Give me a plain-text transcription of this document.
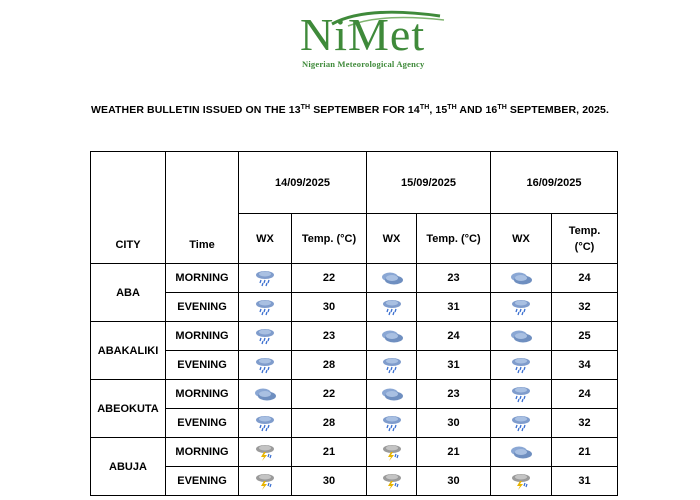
NiMet
Nigerian Meteorological Agency
WEATHER BULLETIN ISSUED ON THE 13TH SEPTEMBER FOR 14TH, 15TH AND 16TH SEPTEMBER, 2025.
CITY	Time	14/09/2025		15/09/2025		16/09/2025	
		WX	Temp. (°C)	WX	Temp. (°C)	WX	Temp. (°C)
ABA	MORNING		22		23		24
	EVENING		30		31		32
ABAKALIKI	MORNING		23		24		25
	EVENING		28		31		34
ABEOKUTA	MORNING		22		23		24
	EVENING		28		30		32
ABUJA	MORNING		21		21		21
	EVENING		30		30		31
